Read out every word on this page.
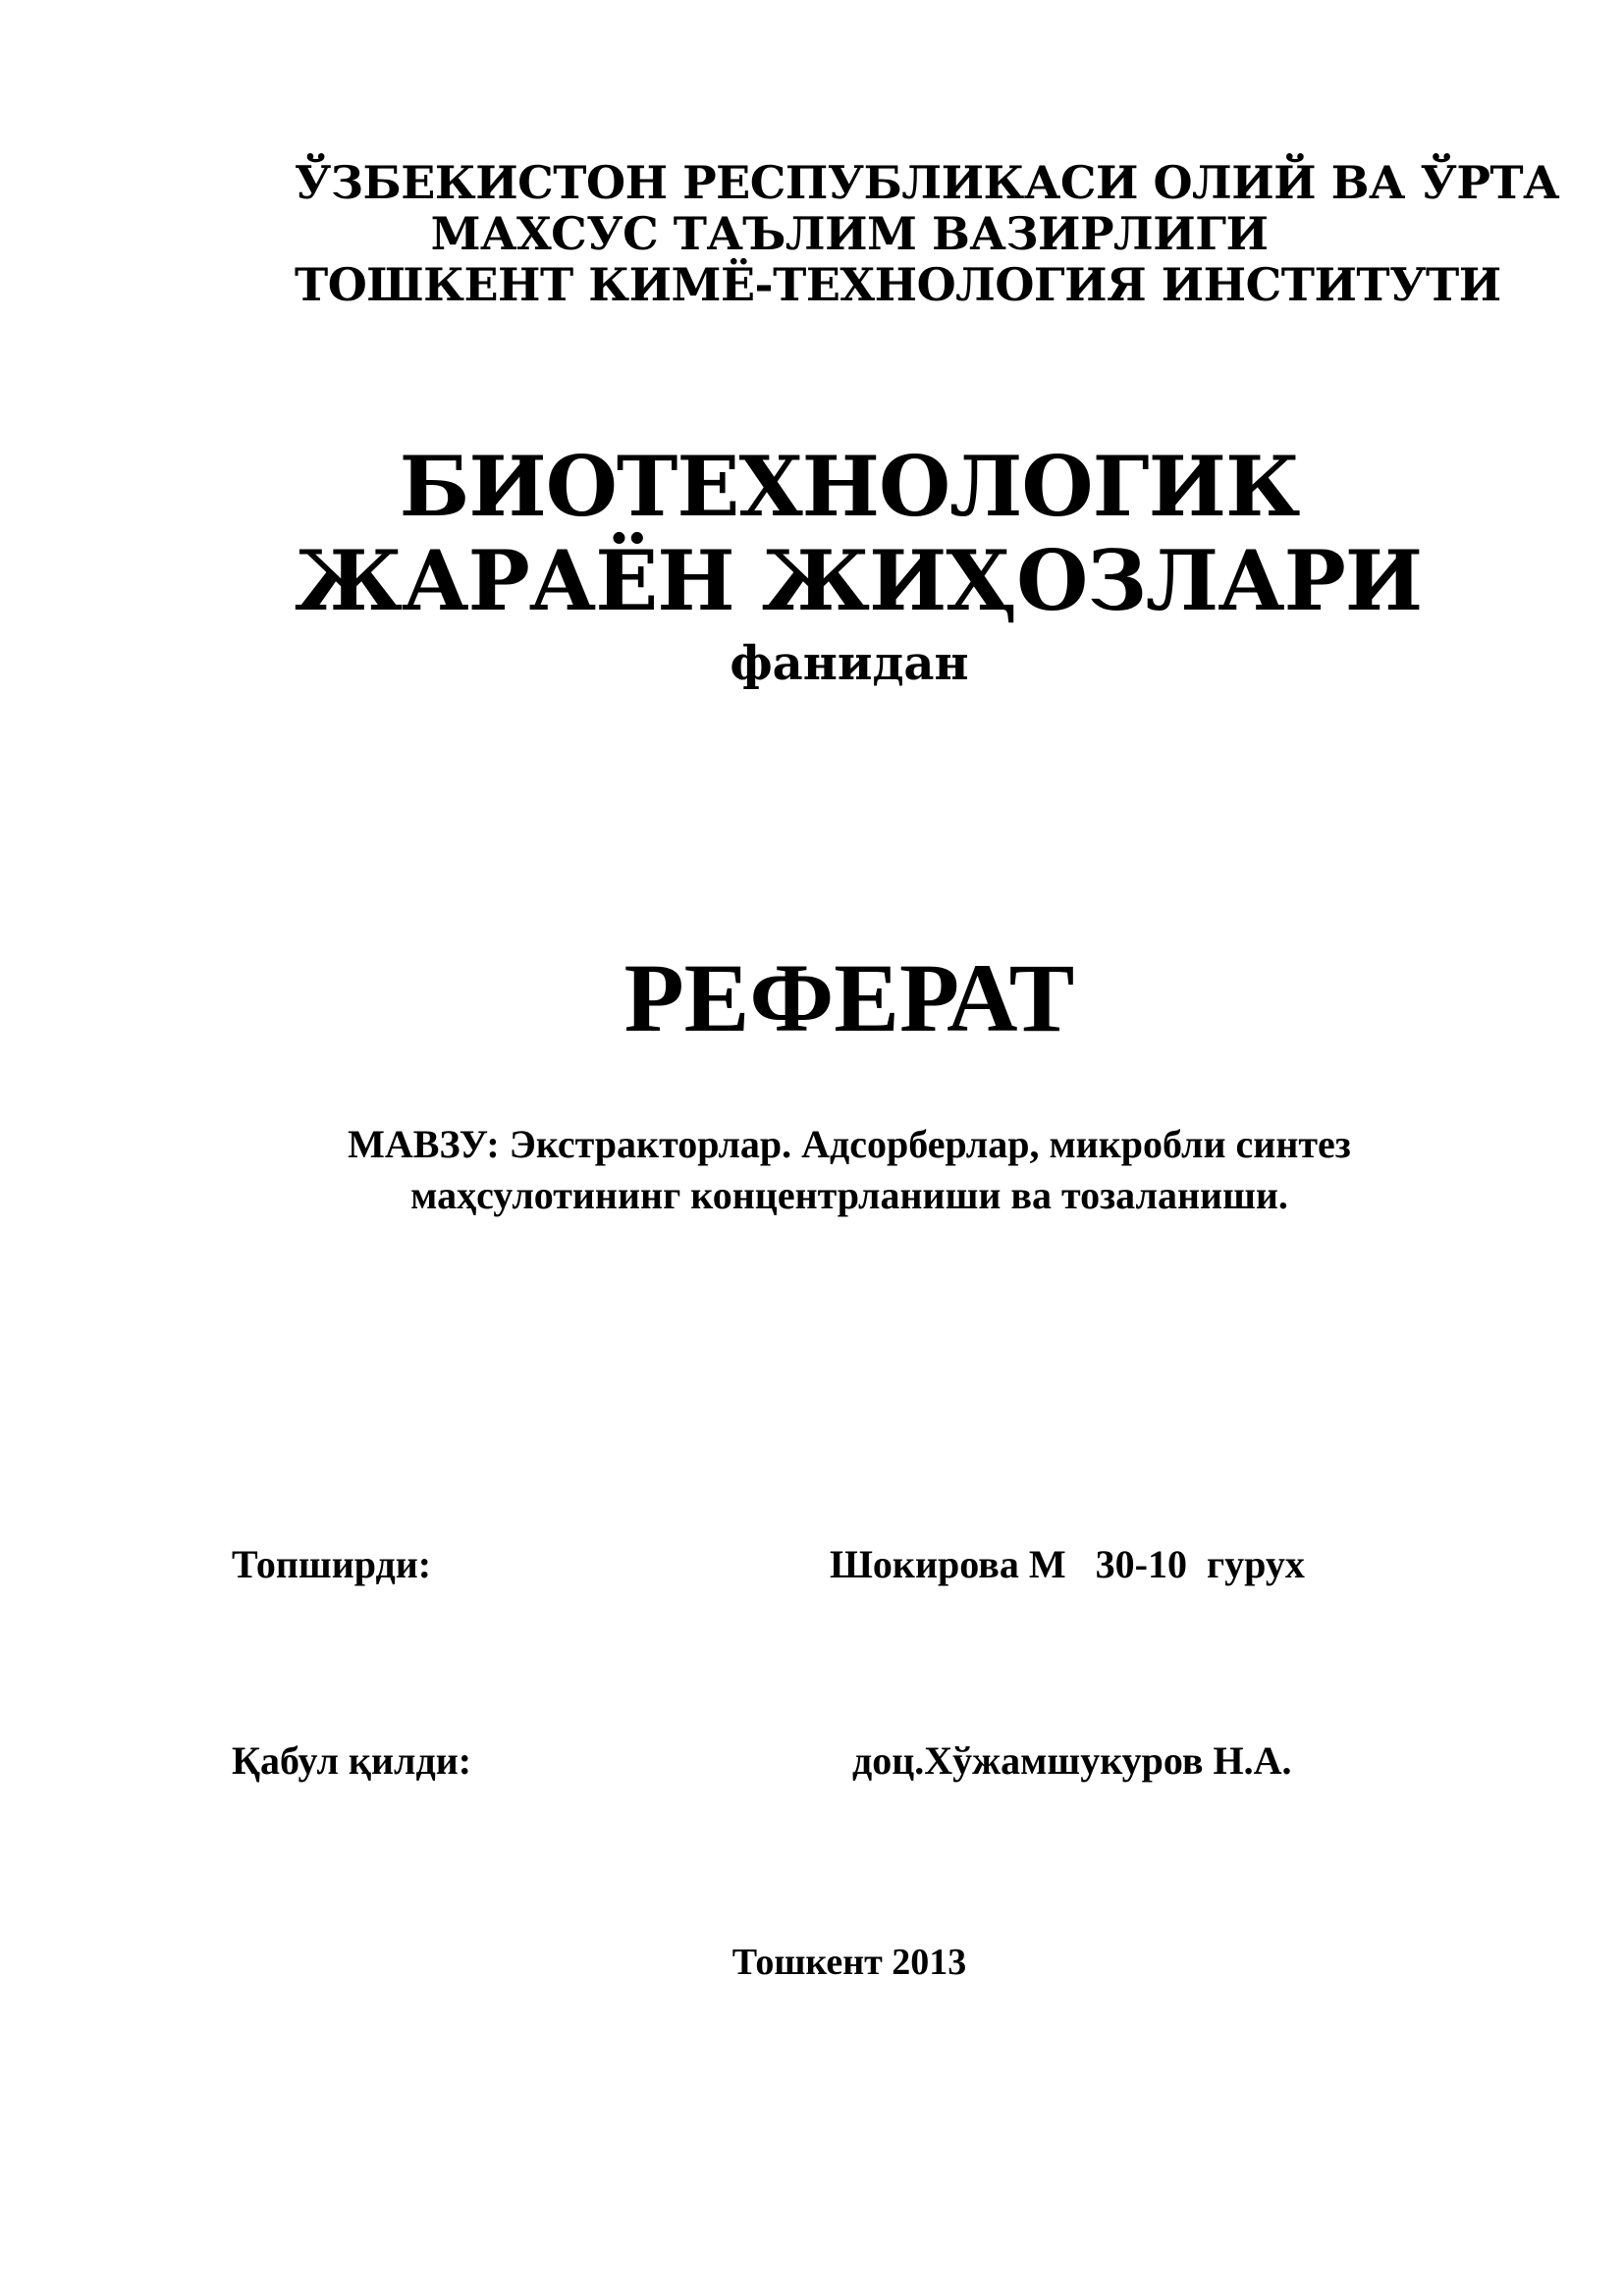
ЎЗБЕКИСТОН РЕСПУБЛИКАСИ ОЛИЙ ВА ЎРТА
МАХСУС ТАЪЛИМ ВАЗИРЛИГИ
ТОШКЕНТ КИМЁ-ТЕХНОЛОГИЯ ИНСТИТУТИ
БИОТЕХНОЛОГИК
ЖАРАЁН ЖИҲОЗЛАРИ
фанидан
РЕФЕРАТ
МАВЗУ: Экстракторлар. Адсорберлар, микробли синтез
маҳсулотининг концентрланиши ва тозаланиши.
Топширди:	Шокирова М   30-10  гурух
Қабул қилди:	доц.Хўжамшукуров Н.А.
Тошкент 2013
